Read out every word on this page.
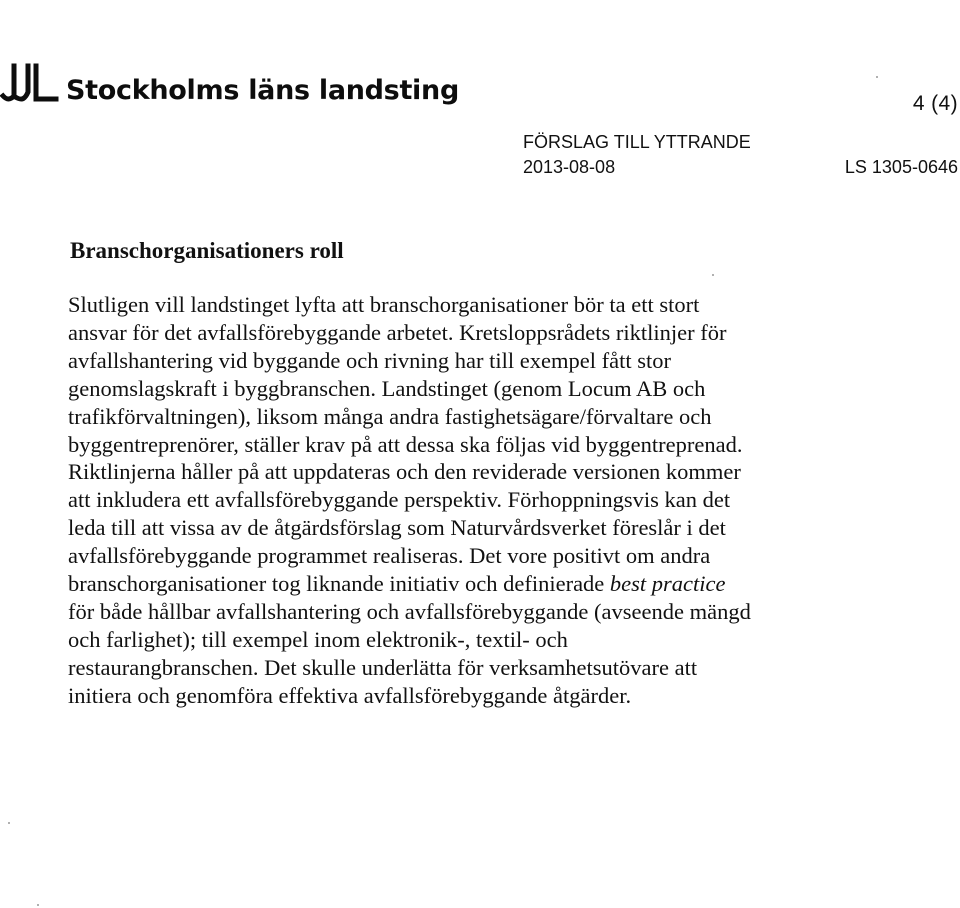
Stockholms läns landsting	4 (4)
FÖRSLAG TILL YTTRANDE
2013-08-08	LS 1305-0646
Branschorganisationers roll

Slutligen vill landstinget lyfta att branschorganisationer bör ta ett stort
ansvar för det avfallsförebyggande arbetet. Kretsloppsrådets riktlinjer för
avfallshantering vid byggande och rivning har till exempel fått stor
genomslagskraft i byggbranschen. Landstinget (genom Locum AB och
trafikförvaltningen), liksom många andra fastighetsägare/förvaltare och
byggentreprenörer, ställer krav på att dessa ska följas vid byggentreprenad.
Riktlinjerna håller på att uppdateras och den reviderade versionen kommer
att inkludera ett avfallsförebyggande perspektiv. Förhoppningsvis kan det
leda till att vissa av de åtgärdsförslag som Naturvårdsverket föreslår i det
avfallsförebyggande programmet realiseras. Det vore positivt om andra
branschorganisationer tog liknande initiativ och definierade best practice
för både hållbar avfallshantering och avfallsförebyggande (avseende mängd
och farlighet); till exempel inom elektronik-, textil- och
restaurangbranschen. Det skulle underlätta för verksamhetsutövare att
initiera och genomföra effektiva avfallsförebyggande åtgärder.
